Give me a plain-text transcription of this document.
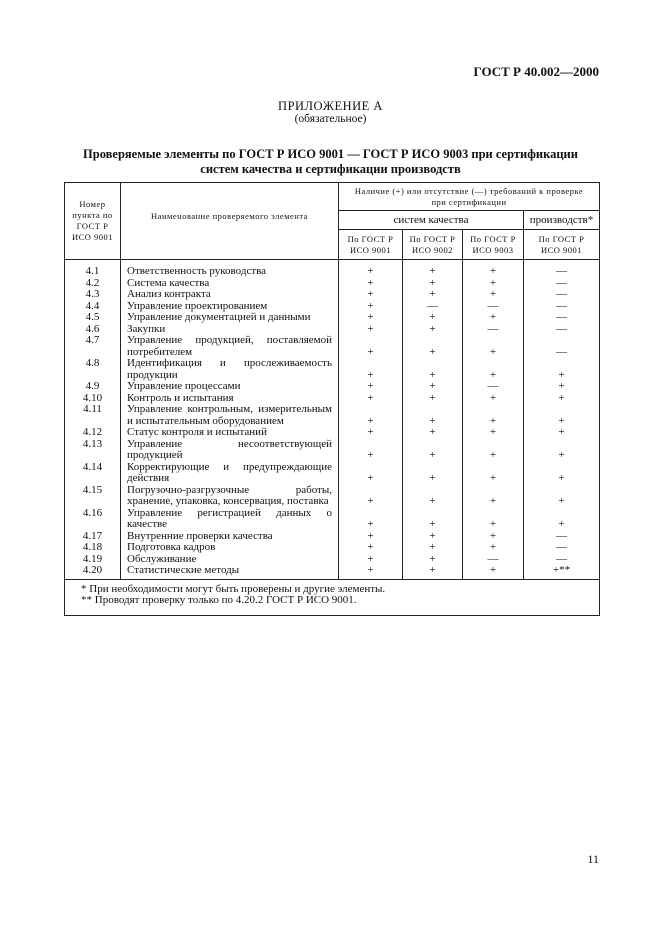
ГОСТ Р 40.002—2000
ПРИЛОЖЕНИЕ А
(обязательное)
Проверяемые элементы по ГОСТ Р ИСО 9001 — ГОСТ Р ИСО 9003 при сертификации систем качества и сертификации производств
Номер пункта по ГОСТ Р ИСО 9001	Наименование проверяемого элемента	Наличие (+) или отсутствие (—) требований к проверке при сертификации			
		систем качества			производств*
		По ГОСТ Р ИСО 9001	По ГОСТ Р ИСО 9002	По ГОСТ Р ИСО 9003	По ГОСТ Р ИСО 9001
4.1	Ответственность руководства	+	+	+	—
4.2	Система качества	+	+	+	—
4.3	Анализ контракта	+	+	+	—
4.4	Управление проектированием	+	—	—	—
4.5	Управление документацией и данными	+	+	+	—
4.6	Закупки	+	+	—	—
4.7	Управление продукцией, поставляемой потребителем	+	+	+	—
4.8	Идентификация и прослеживаемость продукции	+	+	+	+
4.9	Управление процессами	+	+	—	+
4.10	Контроль и испытания	+	+	+	+
4.11	Управление контрольным, измерительным и испытательным оборудованием	+	+	+	+
4.12	Статус контроля и испытаний	+	+	+	+
4.13	Управление несоответствующей продукцией	+	+	+	+
4.14	Корректирующие и предупреждающие действия	+	+	+	+
4.15	Погрузочно-разгрузочные работы, хранение, упаковка, консервация, поставка	+	+	+	+
4.16	Управление регистрацией данных о качестве	+	+	+	+
4.17	Внутренние проверки качества	+	+	+	—
4.18	Подготовка кадров	+	+	+	—
4.19	Обслуживание	+	+	—	—
4.20	Статистические методы	+	+	+	+**

* При необходимости могут быть проверены и другие элементы.
** Проводят проверку только по 4.20.2 ГОСТ Р ИСО 9001.					
11
